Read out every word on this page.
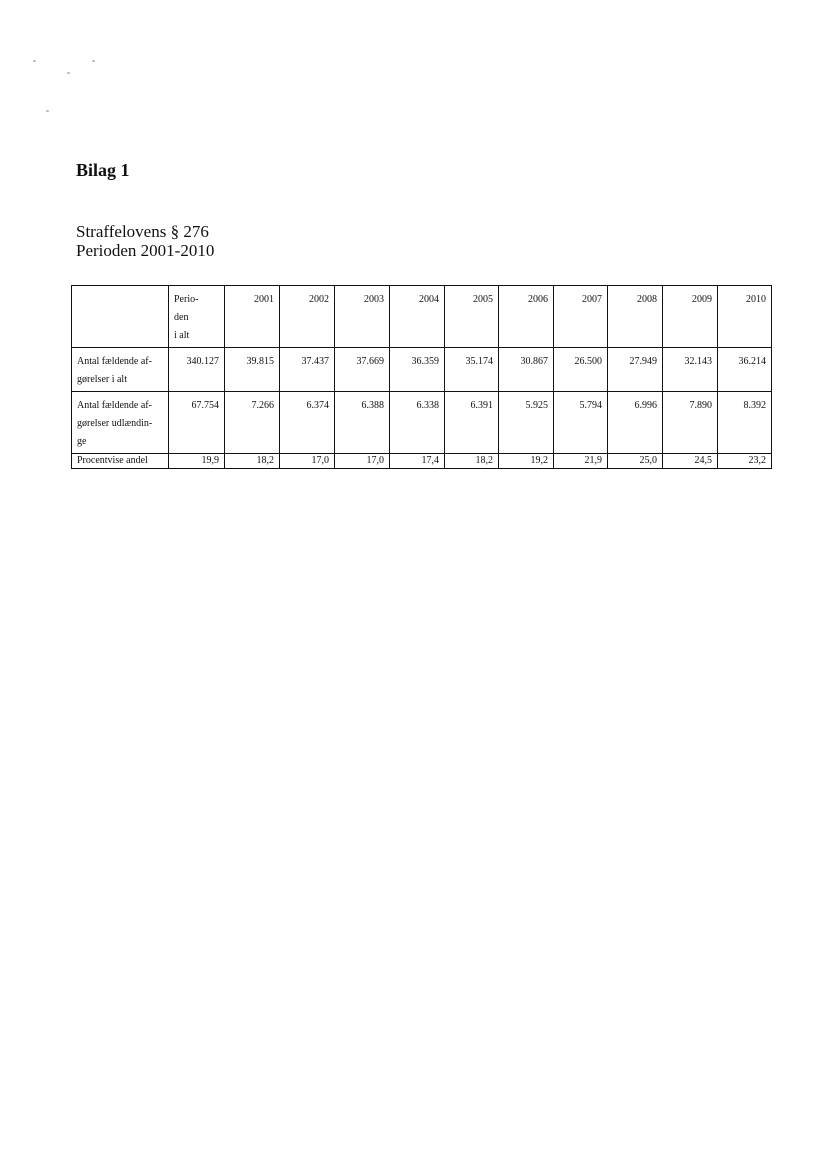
Bilag 1
Straffelovens § 276
Perioden 2001-2010
	Perio-
den
i alt	2001	2002	2003	2004	2005	2006	2007	2008	2009	2010
Antal fældende af-
gørelser i alt	340.127	39.815	37.437	37.669	36.359	35.174	30.867	26.500	27.949	32.143	36.214
Antal fældende af-
gørelser udlændin-
ge	67.754	7.266	6.374	6.388	6.338	6.391	5.925	5.794	6.996	7.890	8.392
Procentvise andel	19,9	18,2	17,0	17,0	17,4	18,2	19,2	21,9	25,0	24,5	23,2
